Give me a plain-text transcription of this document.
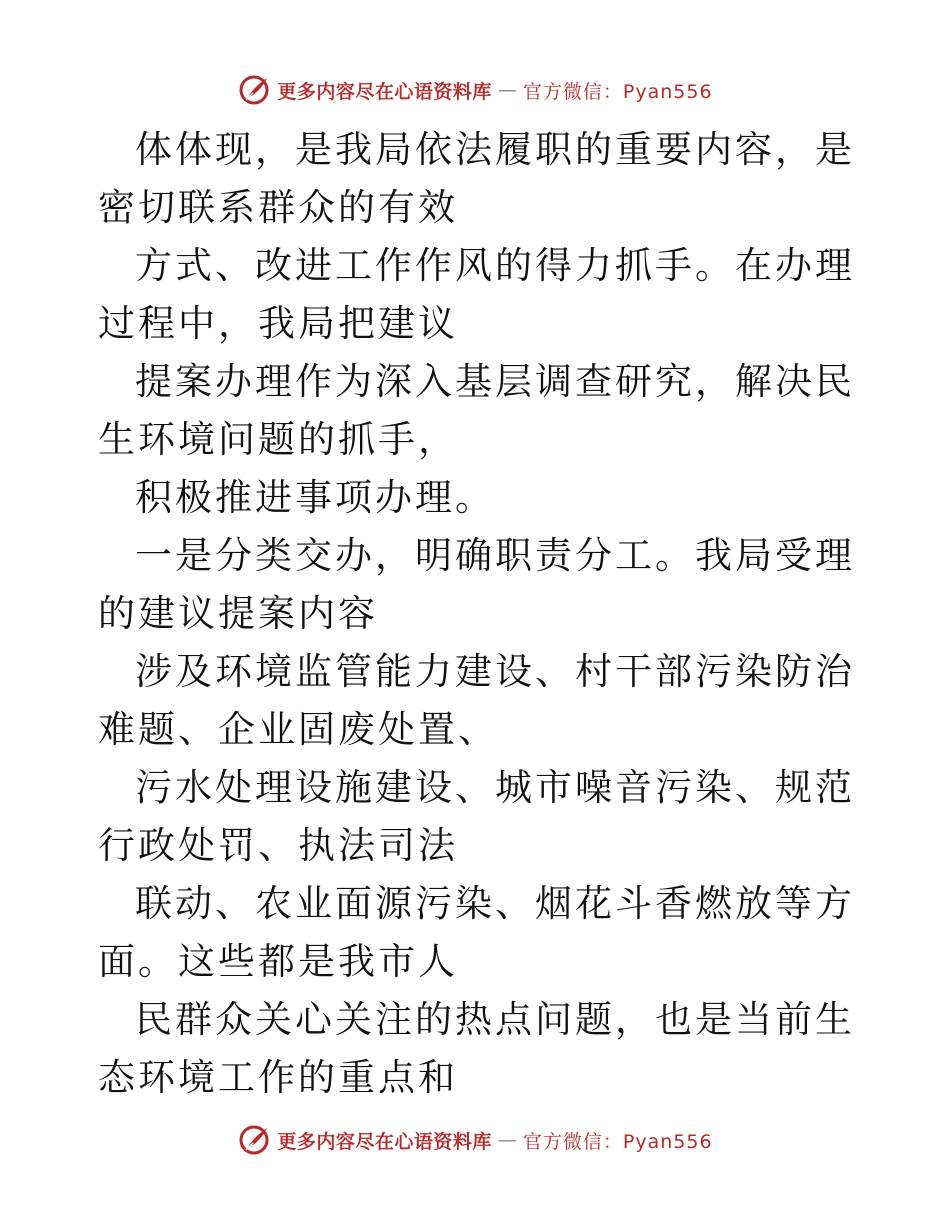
更多内容尽在心语资料库 — 官方微信：Pyan556

体体现，是我局依法履职的重要内容，是密切联系群众的有效

方式、改进工作作风的得力抓手。在办理过程中，我局把建议

提案办理作为深入基层调查研究，解决民生环境问题的抓手，

积极推进事项办理。

一是分类交办，明确职责分工。我局受理的建议提案内容

涉及环境监管能力建设、村干部污染防治难题、企业固废处置、

污水处理设施建设、城市噪音污染、规范行政处罚、执法司法

联动、农业面源污染、烟花斗香燃放等方面。这些都是我市人

民群众关心关注的热点问题，也是当前生态环境工作的重点和

更多内容尽在心语资料库 — 官方微信：Pyan556
